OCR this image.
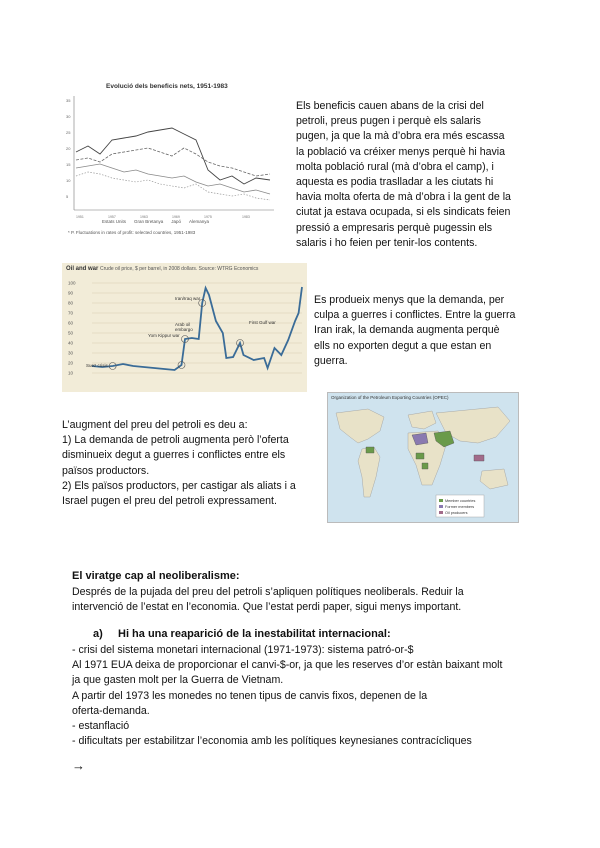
Evolució dels beneficis nets, 1951-1983
35
30
25
20
15
10
5
1951	1957	1963	1969	1975	1983
Estats Units Gran Bretanya Japó Alemanya
* P. Fluctuations in rates of profit: selected countries, 1951-1983
Els beneficis cauen abans de la crisi del
petroli, preus pugen i perquè els salaris
pugen, ja que la mà d’obra era més escassa
la població va créixer menys perquè hi havia
molta població rural (mà d’obra el camp), i
aquesta es podia traslladar a les ciutats hi
havia molta oferta de mà d’obra i la gent de la
ciutat ja estava ocupada, si els sindicats feien
pressió a empresaris perquè pugessin els
salaris i ho feien per tenir-los contents.
Oil and war Crude oil price, $ per barrel, in 2008 dollars. Source: WTRG Economics
100
90
80
70
60
50
40
30
20
10
Iran/Iraq war
Arab oil embargo
Yom Kippur war
Suez crisis
First Gulf war
Es produeix menys que la demanda, per
culpa a guerres i conflictes. Entre la guerra
Iran irak, la demanda augmenta perquè
ells no exporten degut a que estan en
guerra.
Organization of the Petroleum Exporting Countries (OPEC)
Member countries
Former members
Oil producers
L’augment del preu del petroli es deu a:
1) La demanda de petroli augmenta però l’oferta
disminueix degut a guerres i conflictes entre els
països productors.
2) Els països productors, per castigar als aliats i a
Israel pugen el preu del petroli expressament.
El viratge cap al neoliberalisme:
Després de la pujada del preu del petroli s’apliquen polítiques neoliberals. Reduir la
intervenció de l’estat en l’economia. Que l’estat perdi paper, sigui menys important.
a) Hi ha una reaparició de la inestabilitat internacional:
- crisi del sistema monetari internacional (1971-1973): sistema patró-or-$
Al 1971 EUA deixa de proporcionar el canvi-$-or, ja que les reserves d’or estàn baixant molt
ja que gasten molt per la Guerra de Vietnam.
A partir del 1973 les monedes no tenen tipus de canvis fixos, depenen de la
oferta-demanda.
- estanflació
- dificultats per estabilitzar l’economia amb les polítiques keynesianes contracícliques
→
